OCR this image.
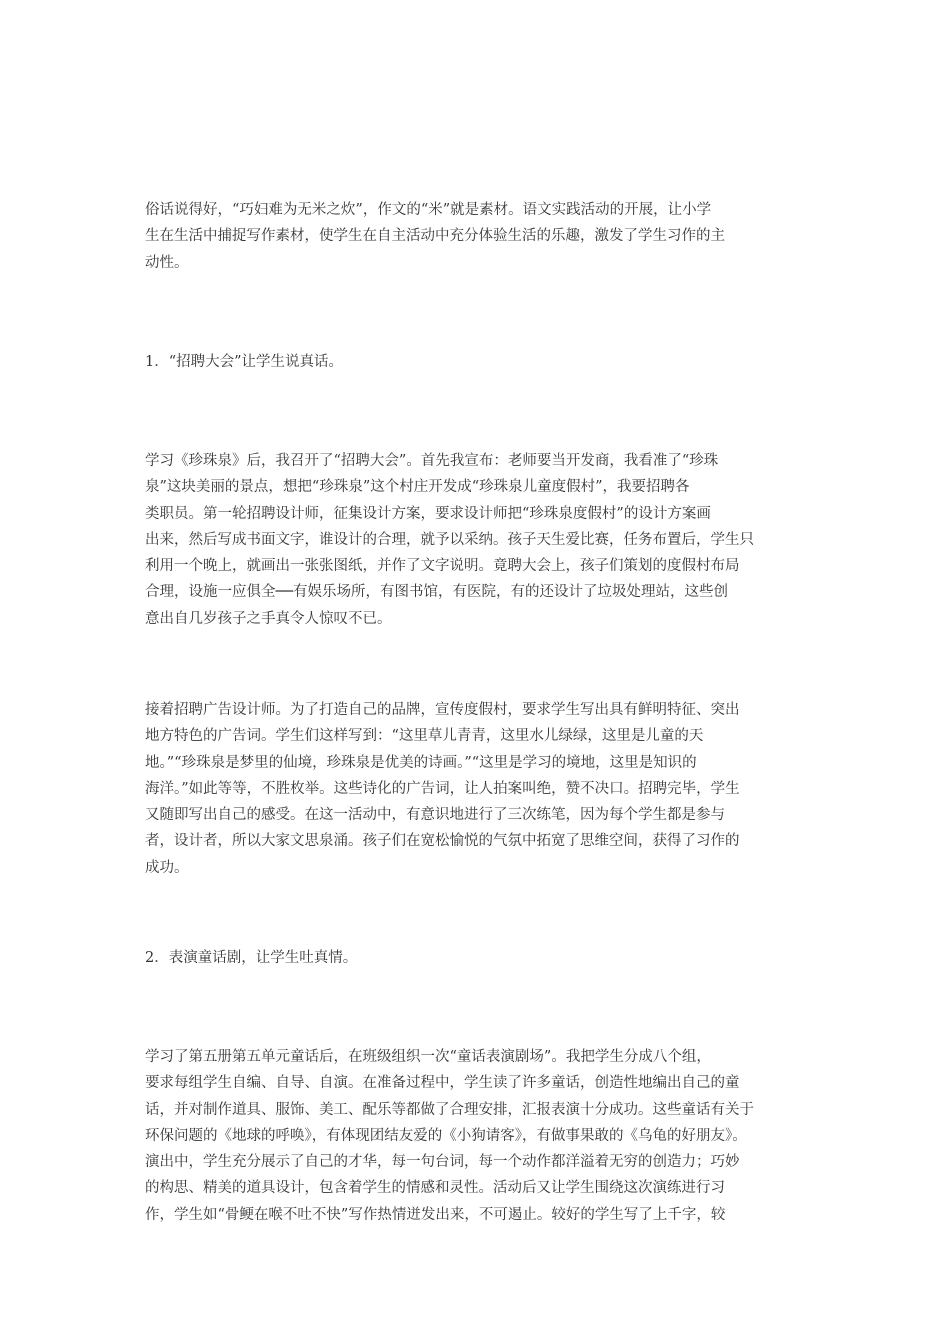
俗话说得好，“巧妇难为无米之炊”，作文的“米”就是素材。语文实践活动的开展，让小学
生在生活中捕捉写作素材，使学生在自主活动中充分体验生活的乐趣，激发了学生习作的主
动性。

1．“招聘大会”让学生说真话。

学习《珍珠泉》后，我召开了“招聘大会”。首先我宣布：老师要当开发商，我看准了“珍珠
泉”这块美丽的景点，想把“珍珠泉”这个村庄开发成“珍珠泉儿童度假村”，我要招聘各
类职员。第一轮招聘设计师，征集设计方案，要求设计师把“珍珠泉度假村”的设计方案画
出来，然后写成书面文字，谁设计的合理，就予以采纳。孩子天生爱比赛，任务布置后，学生只
利用一个晚上，就画出一张张图纸，并作了文字说明。竟聘大会上，孩子们策划的度假村布局
合理，设施一应俱全──有娱乐场所，有图书馆，有医院，有的还设计了垃圾处理站，这些创
意出自几岁孩子之手真令人惊叹不已。

接着招聘广告设计师。为了打造自己的品牌，宣传度假村，要求学生写出具有鲜明特征、突出
地方特色的广告词。学生们这样写到：“这里草儿青青，这里水儿绿绿，这里是儿童的天
地。”“珍珠泉是梦里的仙境，珍珠泉是优美的诗画。”“这里是学习的境地，这里是知识的
海洋。”如此等等，不胜枚举。这些诗化的广告词，让人拍案叫绝，赞不决口。招聘完毕，学生
又随即写出自己的感受。在这一活动中，有意识地进行了三次练笔，因为每个学生都是参与
者，设计者，所以大家文思泉涌。孩子们在宽松愉悦的气氛中拓宽了思维空间，获得了习作的
成功。

2．表演童话剧，让学生吐真情。

学习了第五册第五单元童话后，在班级组织一次“童话表演剧场”。我把学生分成八个组，
要求每组学生自编、自导、自演。在准备过程中，学生读了许多童话，创造性地编出自己的童
话，并对制作道具、服饰、美工、配乐等都做了合理安排，汇报表演十分成功。这些童话有关于
环保问题的《地球的呼唤》，有体现团结友爱的《小狗请客》，有做事果敢的《乌龟的好朋友》。
演出中，学生充分展示了自己的才华，每一句台词，每一个动作都洋溢着无穷的创造力；巧妙
的构思、精美的道具设计，包含着学生的情感和灵性。活动后又让学生围绕这次演练进行习
作，学生如“骨鲠在喉不吐不快”写作热情迸发出来，不可遏止。较好的学生写了上千字，较
